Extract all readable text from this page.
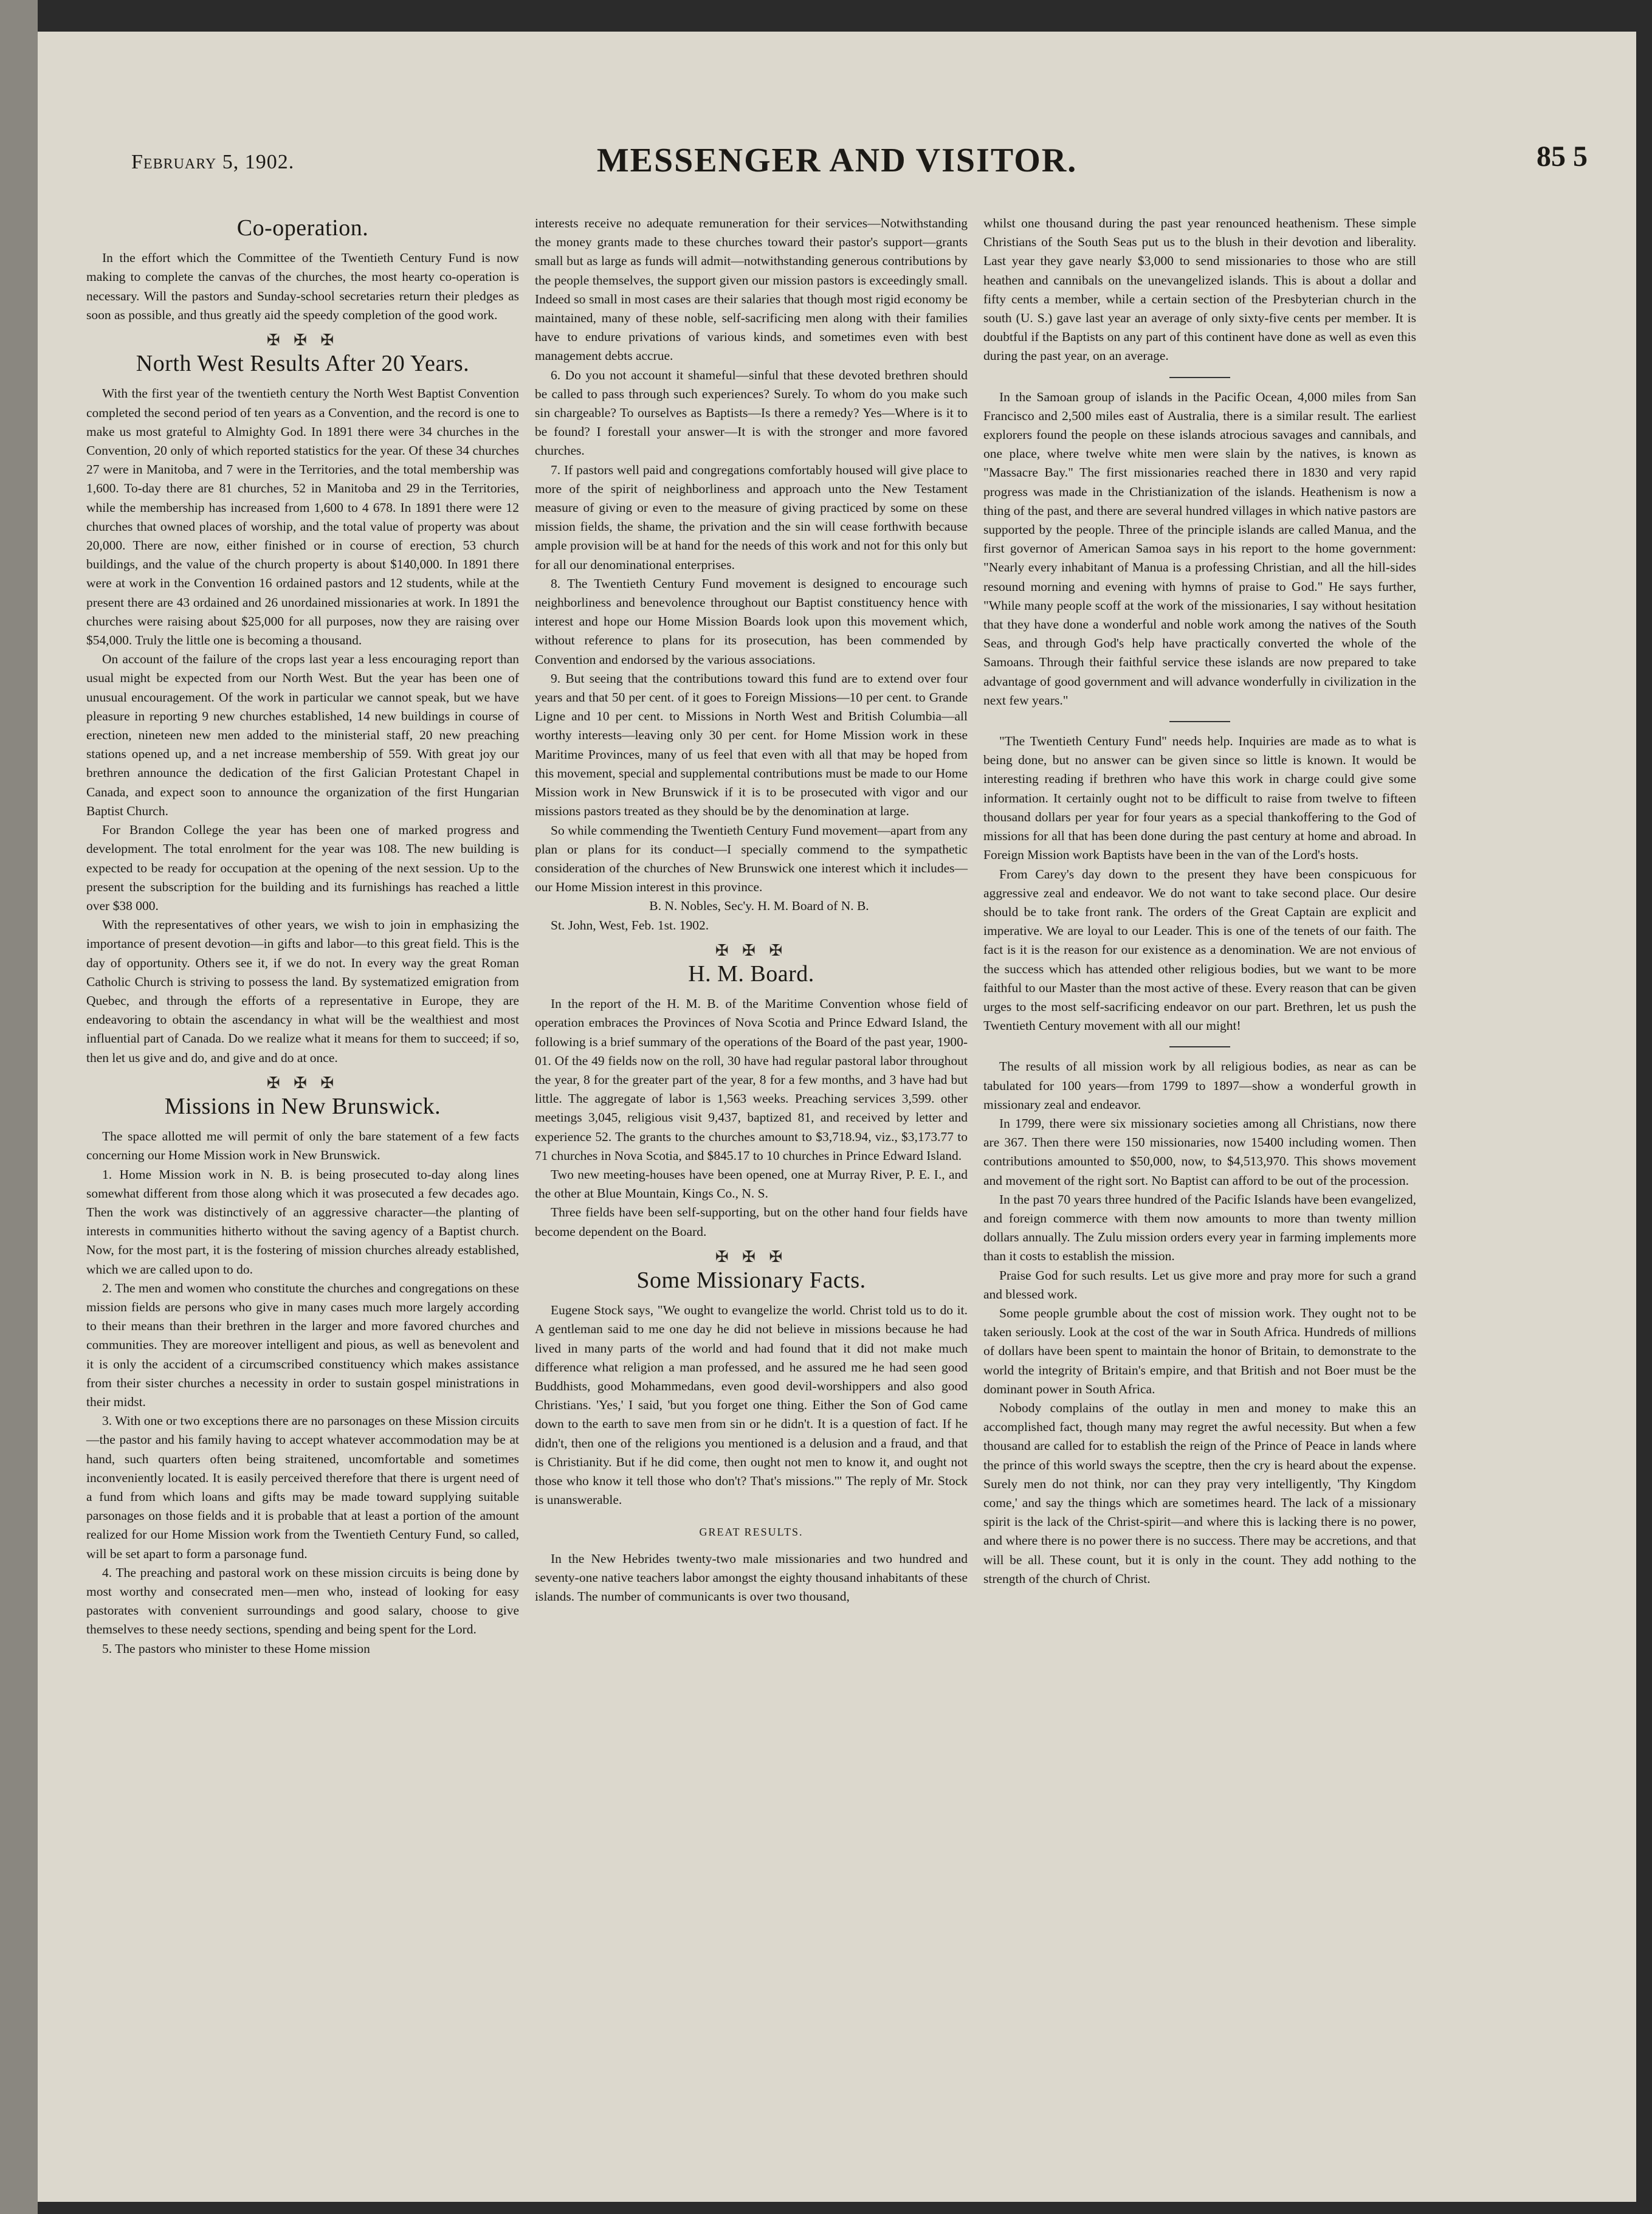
February 5, 1902.	MESSENGER AND VISITOR.	85 5
Co-operation.

In the effort which the Committee of the Twentieth Century Fund is now making to complete the canvas of the churches, the most hearty co-operation is necessary. Will the pastors and Sunday-school secretaries return their pledges as soon as possible, and thus greatly aid the speedy completion of the good work.

✠ ✠ ✠
North West Results After 20 Years.

With the first year of the twentieth century the North West Baptist Convention completed the second period of ten years as a Convention, and the record is one to make us most grateful to Almighty God. In 1891 there were 34 churches in the Convention, 20 only of which reported statistics for the year. Of these 34 churches 27 were in Manitoba, and 7 were in the Territories, and the total membership was 1,600. To-day there are 81 churches, 52 in Manitoba and 29 in the Territories, while the membership has increased from 1,600 to 4 678. In 1891 there were 12 churches that owned places of worship, and the total value of property was about 20,000. There are now, either finished or in course of erection, 53 church buildings, and the value of the church property is about $140,000. In 1891 there were at work in the Convention 16 ordained pastors and 12 students, while at the present there are 43 ordained and 26 unordained missionaries at work. In 1891 the churches were raising about $25,000 for all purposes, now they are raising over $54,000. Truly the little one is becoming a thousand.

On account of the failure of the crops last year a less encouraging report than usual might be expected from our North West. But the year has been one of unusual encouragement. Of the work in particular we cannot speak, but we have pleasure in reporting 9 new churches established, 14 new buildings in course of erection, nineteen new men added to the ministerial staff, 20 new preaching stations opened up, and a net increase membership of 559. With great joy our brethren announce the dedication of the first Galician Protestant Chapel in Canada, and expect soon to announce the organization of the first Hungarian Baptist Church.

For Brandon College the year has been one of marked progress and development. The total enrolment for the year was 108. The new building is expected to be ready for occupation at the opening of the next session. Up to the present the subscription for the building and its furnishings has reached a little over $38 000.

With the representatives of other years, we wish to join in emphasizing the importance of present devotion—in gifts and labor—to this great field. This is the day of opportunity. Others see it, if we do not. In every way the great Roman Catholic Church is striving to possess the land. By systematized emigration from Quebec, and through the efforts of a representative in Europe, they are endeavoring to obtain the ascendancy in what will be the wealthiest and most influential part of Canada. Do we realize what it means for them to succeed; if so, then let us give and do, and give and do at once.

✠ ✠ ✠
Missions in New Brunswick.

The space allotted me will permit of only the bare statement of a few facts concerning our Home Mission work in New Brunswick.

1. Home Mission work in N. B. is being prosecuted to-day along lines somewhat different from those along which it was prosecuted a few decades ago. Then the work was distinctively of an aggressive character—the planting of interests in communities hitherto without the saving agency of a Baptist church. Now, for the most part, it is the fostering of mission churches already established, which we are called upon to do.

2. The men and women who constitute the churches and congregations on these mission fields are persons who give in many cases much more largely according to their means than their brethren in the larger and more favored churches and communities. They are moreover intelligent and pious, as well as benevolent and it is only the accident of a circumscribed constituency which makes assistance from their sister churches a necessity in order to sustain gospel ministrations in their midst.

3. With one or two exceptions there are no parsonages on these Mission circuits—the pastor and his family having to accept whatever accommodation may be at hand, such quarters often being straitened, uncomfortable and sometimes inconveniently located. It is easily perceived therefore that there is urgent need of a fund from which loans and gifts may be made toward supplying suitable parsonages on those fields and it is probable that at least a portion of the amount realized for our Home Mission work from the Twentieth Century Fund, so called, will be set apart to form a parsonage fund.

4. The preaching and pastoral work on these mission circuits is being done by most worthy and consecrated men—men who, instead of looking for easy pastorates with convenient surroundings and good salary, choose to give themselves to these needy sections, spending and being spent for the Lord.

5. The pastors who minister to these Home mission

interests receive no adequate remuneration for their services—Notwithstanding the money grants made to these churches toward their pastor's support—grants small but as large as funds will admit—notwithstanding generous contributions by the people themselves, the support given our mission pastors is exceedingly small. Indeed so small in most cases are their salaries that though most rigid economy be maintained, many of these noble, self-sacrificing men along with their families have to endure privations of various kinds, and sometimes even with best management debts accrue.

6. Do you not account it shameful—sinful that these devoted brethren should be called to pass through such experiences? Surely. To whom do you make such sin chargeable? To ourselves as Baptists—Is there a remedy? Yes—Where is it to be found? I forestall your answer—It is with the stronger and more favored churches.

7. If pastors well paid and congregations comfortably housed will give place to more of the spirit of neighborliness and approach unto the New Testament measure of giving or even to the measure of giving practiced by some on these mission fields, the shame, the privation and the sin will cease forthwith because ample provision will be at hand for the needs of this work and not for this only but for all our denominational enterprises.

8. The Twentieth Century Fund movement is designed to encourage such neighborliness and benevolence throughout our Baptist constituency hence with interest and hope our Home Mission Boards look upon this movement which, without reference to plans for its prosecution, has been commended by Convention and endorsed by the various associations.

9. But seeing that the contributions toward this fund are to extend over four years and that 50 per cent. of it goes to Foreign Missions—10 per cent. to Grande Ligne and 10 per cent. to Missions in North West and British Columbia—all worthy interests—leaving only 30 per cent. for Home Mission work in these Maritime Provinces, many of us feel that even with all that may be hoped from this movement, special and supplemental contributions must be made to our Home Mission work in New Brunswick if it is to be prosecuted with vigor and our missions pastors treated as they should be by the denomination at large.

So while commending the Twentieth Century Fund movement—apart from any plan or plans for its conduct—I specially commend to the sympathetic consideration of the churches of New Brunswick one interest which it includes—our Home Mission interest in this province.

B. N. Nobles, Sec'y. H. M. Board of N. B.

St. John, West, Feb. 1st. 1902.

✠ ✠ ✠
H. M. Board.

In the report of the H. M. B. of the Maritime Convention whose field of operation embraces the Provinces of Nova Scotia and Prince Edward Island, the following is a brief summary of the operations of the Board of the past year, 1900-01. Of the 49 fields now on the roll, 30 have had regular pastoral labor throughout the year, 8 for the greater part of the year, 8 for a few months, and 3 have had but little. The aggregate of labor is 1,563 weeks. Preaching services 3,599. other meetings 3,045, religious visit 9,437, baptized 81, and received by letter and experience 52. The grants to the churches amount to $3,718.94, viz., $3,173.77 to 71 churches in Nova Scotia, and $845.17 to 10 churches in Prince Edward Island.

Two new meeting-houses have been opened, one at Murray River, P. E. I., and the other at Blue Mountain, Kings Co., N. S.

Three fields have been self-supporting, but on the other hand four fields have become dependent on the Board.

✠ ✠ ✠
Some Missionary Facts.

Eugene Stock says, "We ought to evangelize the world. Christ told us to do it. A gentleman said to me one day he did not believe in missions because he had lived in many parts of the world and had found that it did not make much difference what religion a man professed, and he assured me he had seen good Buddhists, good Mohammedans, even good devil-worshippers and also good Christians. 'Yes,' I said, 'but you forget one thing. Either the Son of God came down to the earth to save men from sin or he didn't. It is a question of fact. If he didn't, then one of the religions you mentioned is a delusion and a fraud, and that is Christianity. But if he did come, then ought not men to know it, and ought not those who know it tell those who don't? That's missions.'" The reply of Mr. Stock is unanswerable.

GREAT RESULTS.

In the New Hebrides twenty-two male missionaries and two hundred and seventy-one native teachers labor amongst the eighty thousand inhabitants of these islands. The number of communicants is over two thousand,

whilst one thousand during the past year renounced heathenism. These simple Christians of the South Seas put us to the blush in their devotion and liberality. Last year they gave nearly $3,000 to send missionaries to those who are still heathen and cannibals on the unevangelized islands. This is about a dollar and fifty cents a member, while a certain section of the Presbyterian church in the south (U. S.) gave last year an average of only sixty-five cents per member. It is doubtful if the Baptists on any part of this continent have done as well as even this during the past year, on an average.

In the Samoan group of islands in the Pacific Ocean, 4,000 miles from San Francisco and 2,500 miles east of Australia, there is a similar result. The earliest explorers found the people on these islands atrocious savages and cannibals, and one place, where twelve white men were slain by the natives, is known as "Massacre Bay." The first missionaries reached there in 1830 and very rapid progress was made in the Christianization of the islands. Heathenism is now a thing of the past, and there are several hundred villages in which native pastors are supported by the people. Three of the principle islands are called Manua, and the first governor of American Samoa says in his report to the home government: "Nearly every inhabitant of Manua is a professing Christian, and all the hill-sides resound morning and evening with hymns of praise to God." He says further, "While many people scoff at the work of the missionaries, I say without hesitation that they have done a wonderful and noble work among the natives of the South Seas, and through God's help have practically converted the whole of the Samoans. Through their faithful service these islands are now prepared to take advantage of good government and will advance wonderfully in civilization in the next few years."

"The Twentieth Century Fund" needs help. Inquiries are made as to what is being done, but no answer can be given since so little is known. It would be interesting reading if brethren who have this work in charge could give some information. It certainly ought not to be difficult to raise from twelve to fifteen thousand dollars per year for four years as a special thankoffering to the God of missions for all that has been done during the past century at home and abroad. In Foreign Mission work Baptists have been in the van of the Lord's hosts.

From Carey's day down to the present they have been conspicuous for aggressive zeal and endeavor. We do not want to take second place. Our desire should be to take front rank. The orders of the Great Captain are explicit and imperative. We are loyal to our Leader. This is one of the tenets of our faith. The fact is it is the reason for our existence as a denomination. We are not envious of the success which has attended other religious bodies, but we want to be more faithful to our Master than the most active of these. Every reason that can be given urges to the most self-sacrificing endeavor on our part. Brethren, let us push the Twentieth Century movement with all our might!

The results of all mission work by all religious bodies, as near as can be tabulated for 100 years—from 1799 to 1897—show a wonderful growth in missionary zeal and endeavor.

In 1799, there were six missionary societies among all Christians, now there are 367. Then there were 150 missionaries, now 15400 including women. Then contributions amounted to $50,000, now, to $4,513,970. This shows movement and movement of the right sort. No Baptist can afford to be out of the procession.

In the past 70 years three hundred of the Pacific Islands have been evangelized, and foreign commerce with them now amounts to more than twenty million dollars annually. The Zulu mission orders every year in farming implements more than it costs to establish the mission.

Praise God for such results. Let us give more and pray more for such a grand and blessed work.

Some people grumble about the cost of mission work. They ought not to be taken seriously. Look at the cost of the war in South Africa. Hundreds of millions of dollars have been spent to maintain the honor of Britain, to demonstrate to the world the integrity of Britain's empire, and that British and not Boer must be the dominant power in South Africa.

Nobody complains of the outlay in men and money to make this an accomplished fact, though many may regret the awful necessity. But when a few thousand are called for to establish the reign of the Prince of Peace in lands where the prince of this world sways the sceptre, then the cry is heard about the expense. Surely men do not think, nor can they pray very intelligently, 'Thy Kingdom come,' and say the things which are sometimes heard. The lack of a missionary spirit is the lack of the Christ-spirit—and where this is lacking there is no power, and where there is no power there is no success. There may be accretions, and that will be all. These count, but it is only in the count. They add nothing to the strength of the church of Christ.
